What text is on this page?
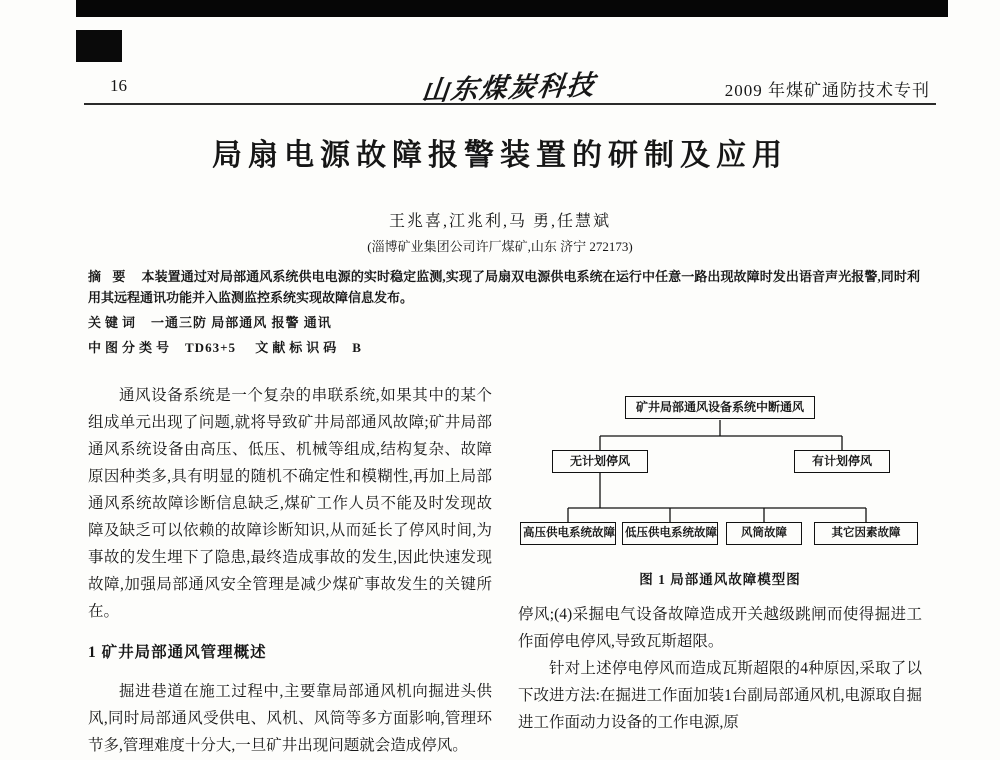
16	山东煤炭科技	2009 年煤矿通防技术专刊
局扇电源故障报警装置的研制及应用
王兆喜,江兆利,马 勇,任慧斌
(淄博矿业集团公司许厂煤矿,山东 济宁 272173)
摘 要 本装置通过对局部通风系统供电电源的实时稳定监测,实现了局扇双电源供电系统在运行中任意一路出现故障时发出语音声光报警,同时利用其远程通讯功能并入监测监控系统实现故障信息发布。
关键词 一通三防 局部通风 报警 通讯
中图分类号 TD63+5 文献标识码 B

通风设备系统是一个复杂的串联系统,如果其中的某个组成单元出现了问题,就将导致矿井局部通风故障;矿井局部通风系统设备由高压、低压、机械等组成,结构复杂、故障原因种类多,具有明显的随机不确定性和模糊性,再加上局部通风系统故障诊断信息缺乏,煤矿工作人员不能及时发现故障及缺乏可以依赖的故障诊断知识,从而延长了停风时间,为事故的发生埋下了隐患,最终造成事故的发生,因此快速发现故障,加强局部通风安全管理是减少煤矿事故发生的关键所在。

1 矿井局部通风管理概述

掘进巷道在施工过程中,主要靠局部通风机向掘进头供风,同时局部通风受供电、风机、风筒等多方面影响,管理环节多,管理难度十分大,一旦矿井出现问题就会造成停风。

矿井局部通风设备系统中断通风
无计划停风	有计划停风
高压供电系统故障 低压供电系统故障	风筒故障	其它因素故障
图 1 局部通风故障模型图

停风;(4)采掘电气设备故障造成开关越级跳闸而使得掘进工作面停电停风,导致瓦斯超限。

针对上述停电停风而造成瓦斯超限的4种原因,采取了以下改进方法:在掘进工作面加装1台副局部通风机,电源取自掘进工作面动力设备的工作电源,原
